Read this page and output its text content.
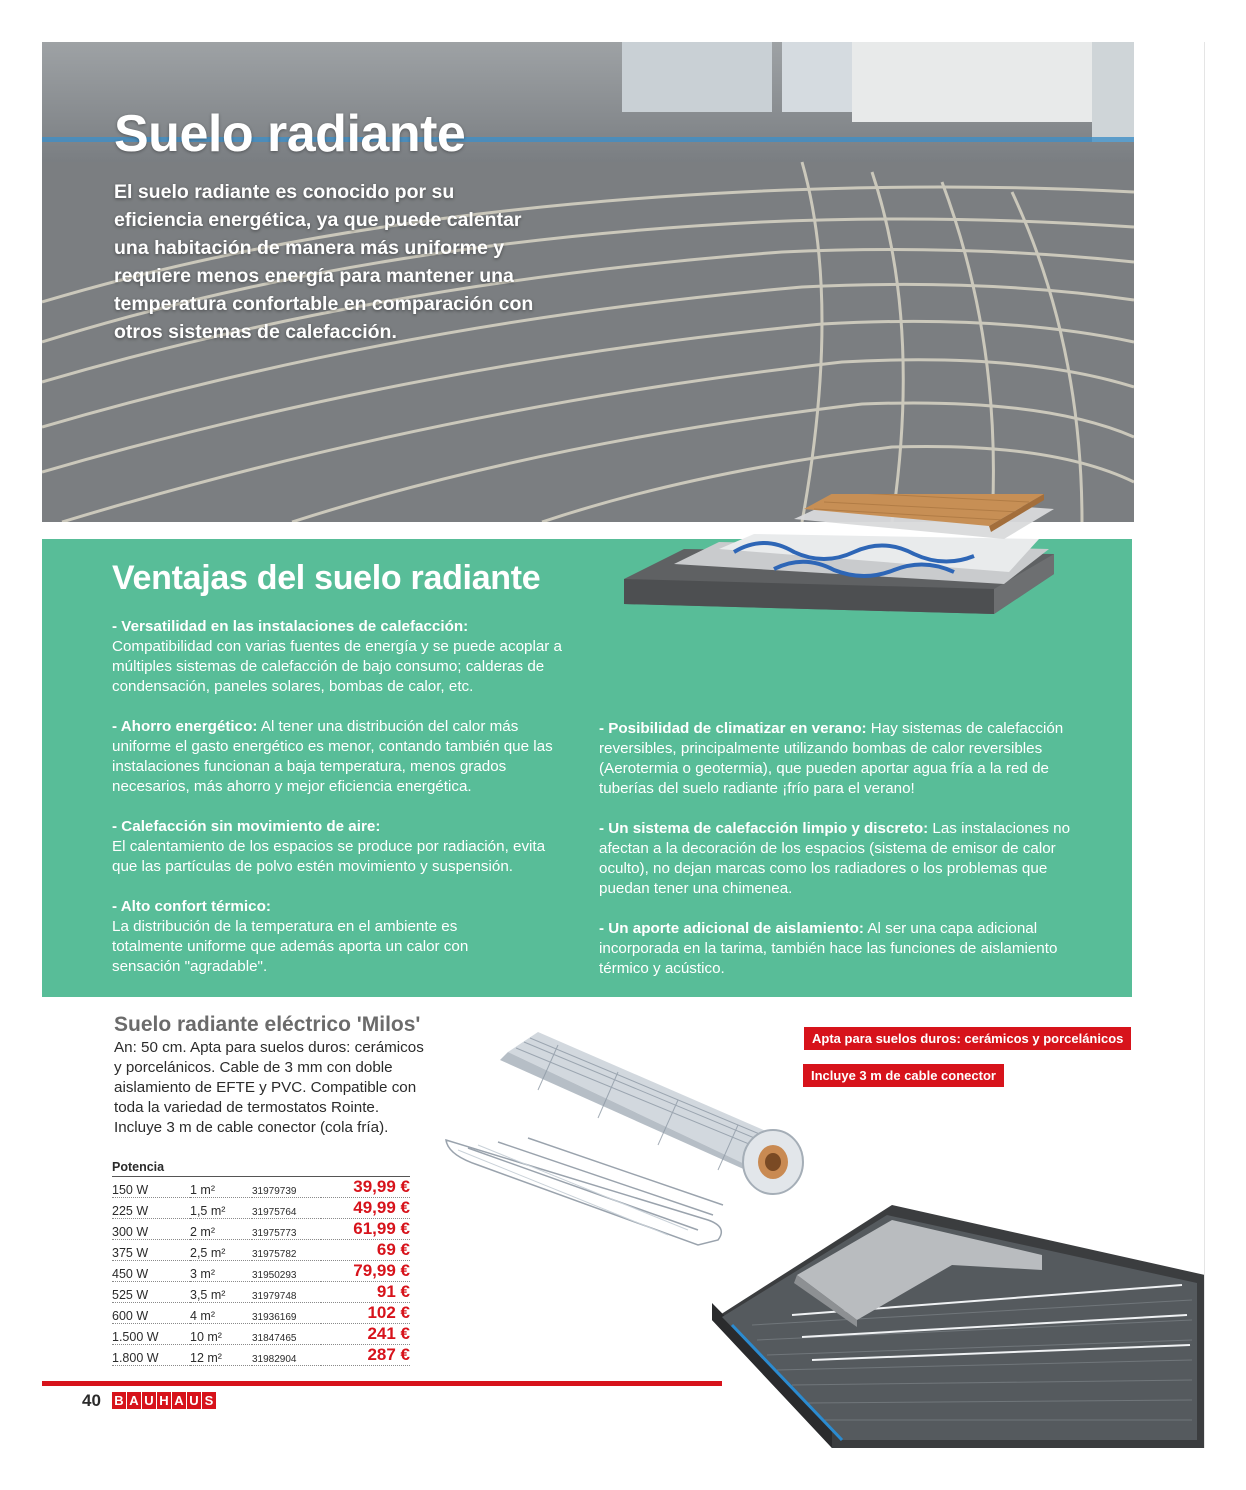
Suelo radiante

El suelo radiante es conocido por su eficiencia energética, ya que puede calentar una habitación de manera más uniforme y requiere menos energía para mantener una temperatura confortable en comparación con otros sistemas de calefacción.

Ventajas del suelo radiante

- Versatilidad en las instalaciones de calefacción:
Compatibilidad con varias fuentes de energía y se puede acoplar a múltiples sistemas de calefacción de bajo consumo; calderas de condensación, paneles solares, bombas de calor, etc.

- Ahorro energético: Al tener una distribución del calor más uniforme el gasto energético es menor, contando también que las instalaciones funcionan a baja temperatura, menos grados necesarios, más ahorro y mejor eficiencia energética.

- Calefacción sin movimiento de aire:
El calentamiento de los espacios se produce por radiación, evita que las partículas de polvo estén movimiento y suspensión.

- Alto confort térmico:
La distribución de la temperatura en el ambiente es totalmente uniforme que además aporta un calor con sensación "agradable".

- Posibilidad de climatizar en verano: Hay sistemas de calefacción reversibles, principalmente utilizando bombas de calor reversibles (Aerotermia o geotermia), que pueden aportar agua fría a la red de tuberías del suelo radiante ¡frío para el verano!

- Un sistema de calefacción limpio y discreto: Las instalaciones no afectan a la decoración de los espacios (sistema de emisor de calor oculto), no dejan marcas como los radiadores o los problemas que puedan tener una chimenea.

- Un aporte adicional de aislamiento: Al ser una capa adicional incorporada en la tarima, también hace las funciones de aislamiento térmico y acústico.

Suelo radiante eléctrico 'Milos'

An: 50 cm. Apta para suelos duros: cerámicos y porcelánicos. Cable de 3 mm con doble aislamiento de EFTE y PVC. Compatible con toda la variedad de termostatos Rointe. Incluye 3 m de cable conector (cola fría).

Apta para suelos duros: cerámicos y porcelánicos
Incluye 3 m de cable conector
Potencia			
150 W	1 m²	31979739	39,99 €
225 W	1,5 m²	31975764	49,99 €
300 W	2 m²	31975773	61,99 €
375 W	2,5 m²	31975782	69 €
450 W	3 m²	31950293	79,99 €
525 W	3,5 m²	31979748	91 €
600 W	4 m²	31936169	102 €
1.500 W	10 m²	31847465	241 €
1.800 W	12 m²	31982904	287 €
40 B A U H A U S
